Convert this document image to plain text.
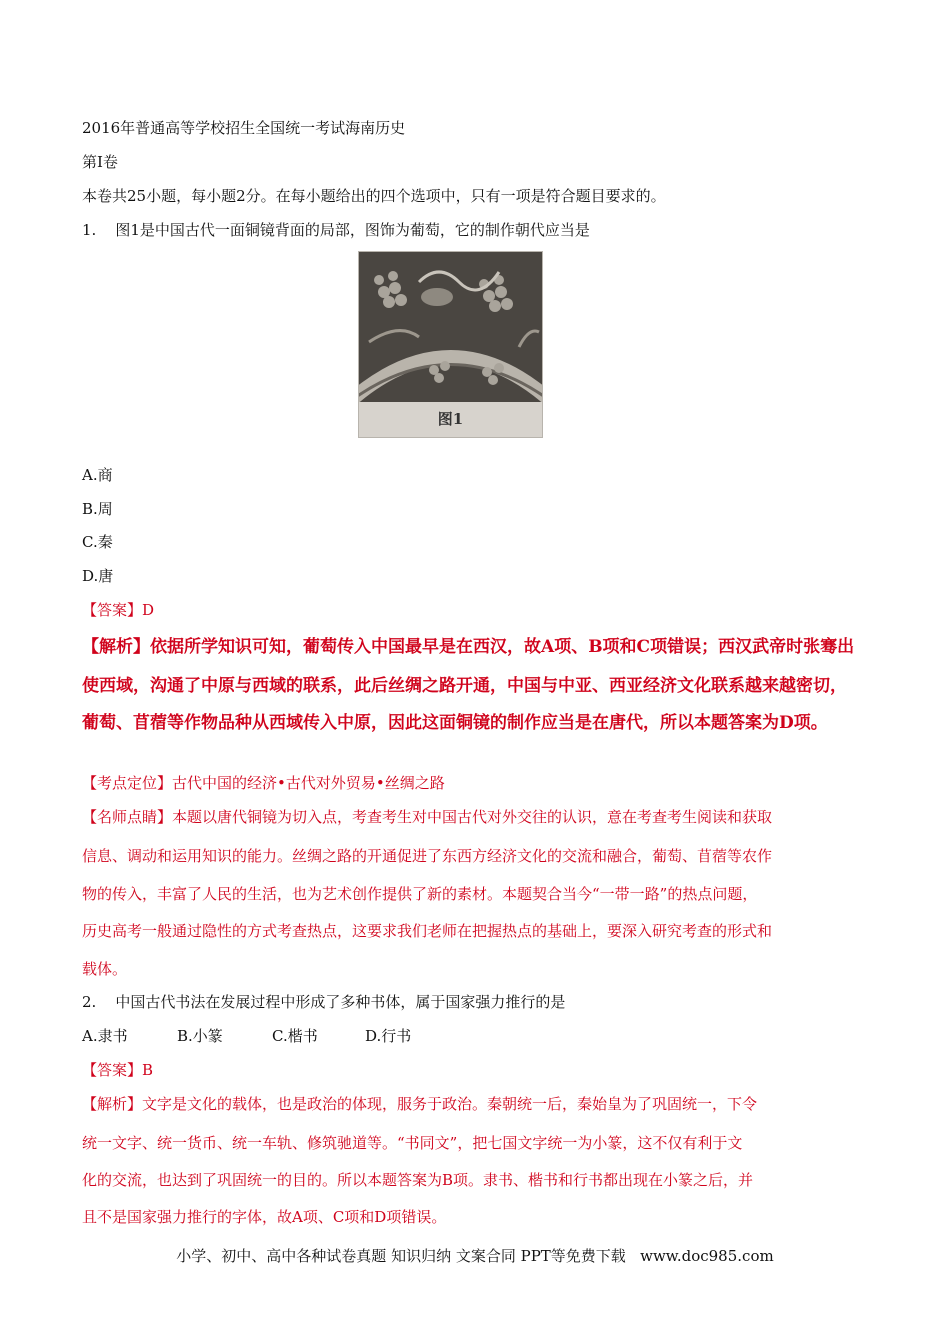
2016年普通高等学校招生全国统一考试海南历史
第Ⅰ卷
本卷共25小题，每小题2分。在每小题给出的四个选项中，只有一项是符合题目要求的。
1.    图1是中国古代一面铜镜背面的局部，图饰为葡萄，它的制作朝代应当是
图1
A.商
B.周
C.秦
D.唐
【答案】D
【解析】依据所学知识可知，葡萄传入中国最早是在西汉，故A项、B项和C项错误；西汉武帝时张骞出
使西域，沟通了中原与西域的联系，此后丝绸之路开通，中国与中亚、西亚经济文化联系越来越密切，
葡萄、苜蓿等作物品种从西域传入中原，因此这面铜镜的制作应当是在唐代，所以本题答案为D项。
【考点定位】古代中国的经济•古代对外贸易•丝绸之路
【名师点睛】本题以唐代铜镜为切入点，考查考生对中国古代对外交往的认识，意在考查考生阅读和获取
信息、调动和运用知识的能力。丝绸之路的开通促进了东西方经济文化的交流和融合，葡萄、苜蓿等农作
物的传入，丰富了人民的生活，也为艺术创作提供了新的素材。本题契合当今“一带一路”的热点问题，
历史高考一般通过隐性的方式考查热点，这要求我们老师在把握热点的基础上，要深入研究考查的形式和
载体。
2.    中国古代书法在发展过程中形成了多种书体，属于国家强力推行的是
A.隶书	B.小篆	C.楷书	D.行书
【答案】B
【解析】文字是文化的载体，也是政治的体现，服务于政治。秦朝统一后，秦始皇为了巩固统一，下令
统一文字、统一货币、统一车轨、修筑驰道等。“书同文”，把七国文字统一为小篆，这不仅有利于文
化的交流，也达到了巩固统一的目的。所以本题答案为B项。隶书、楷书和行书都出现在小篆之后，并
且不是国家强力推行的字体，故A项、C项和D项错误。
小学、初中、高中各种试卷真题 知识归纳 文案合同 PPT等免费下载   www.doc985.com
